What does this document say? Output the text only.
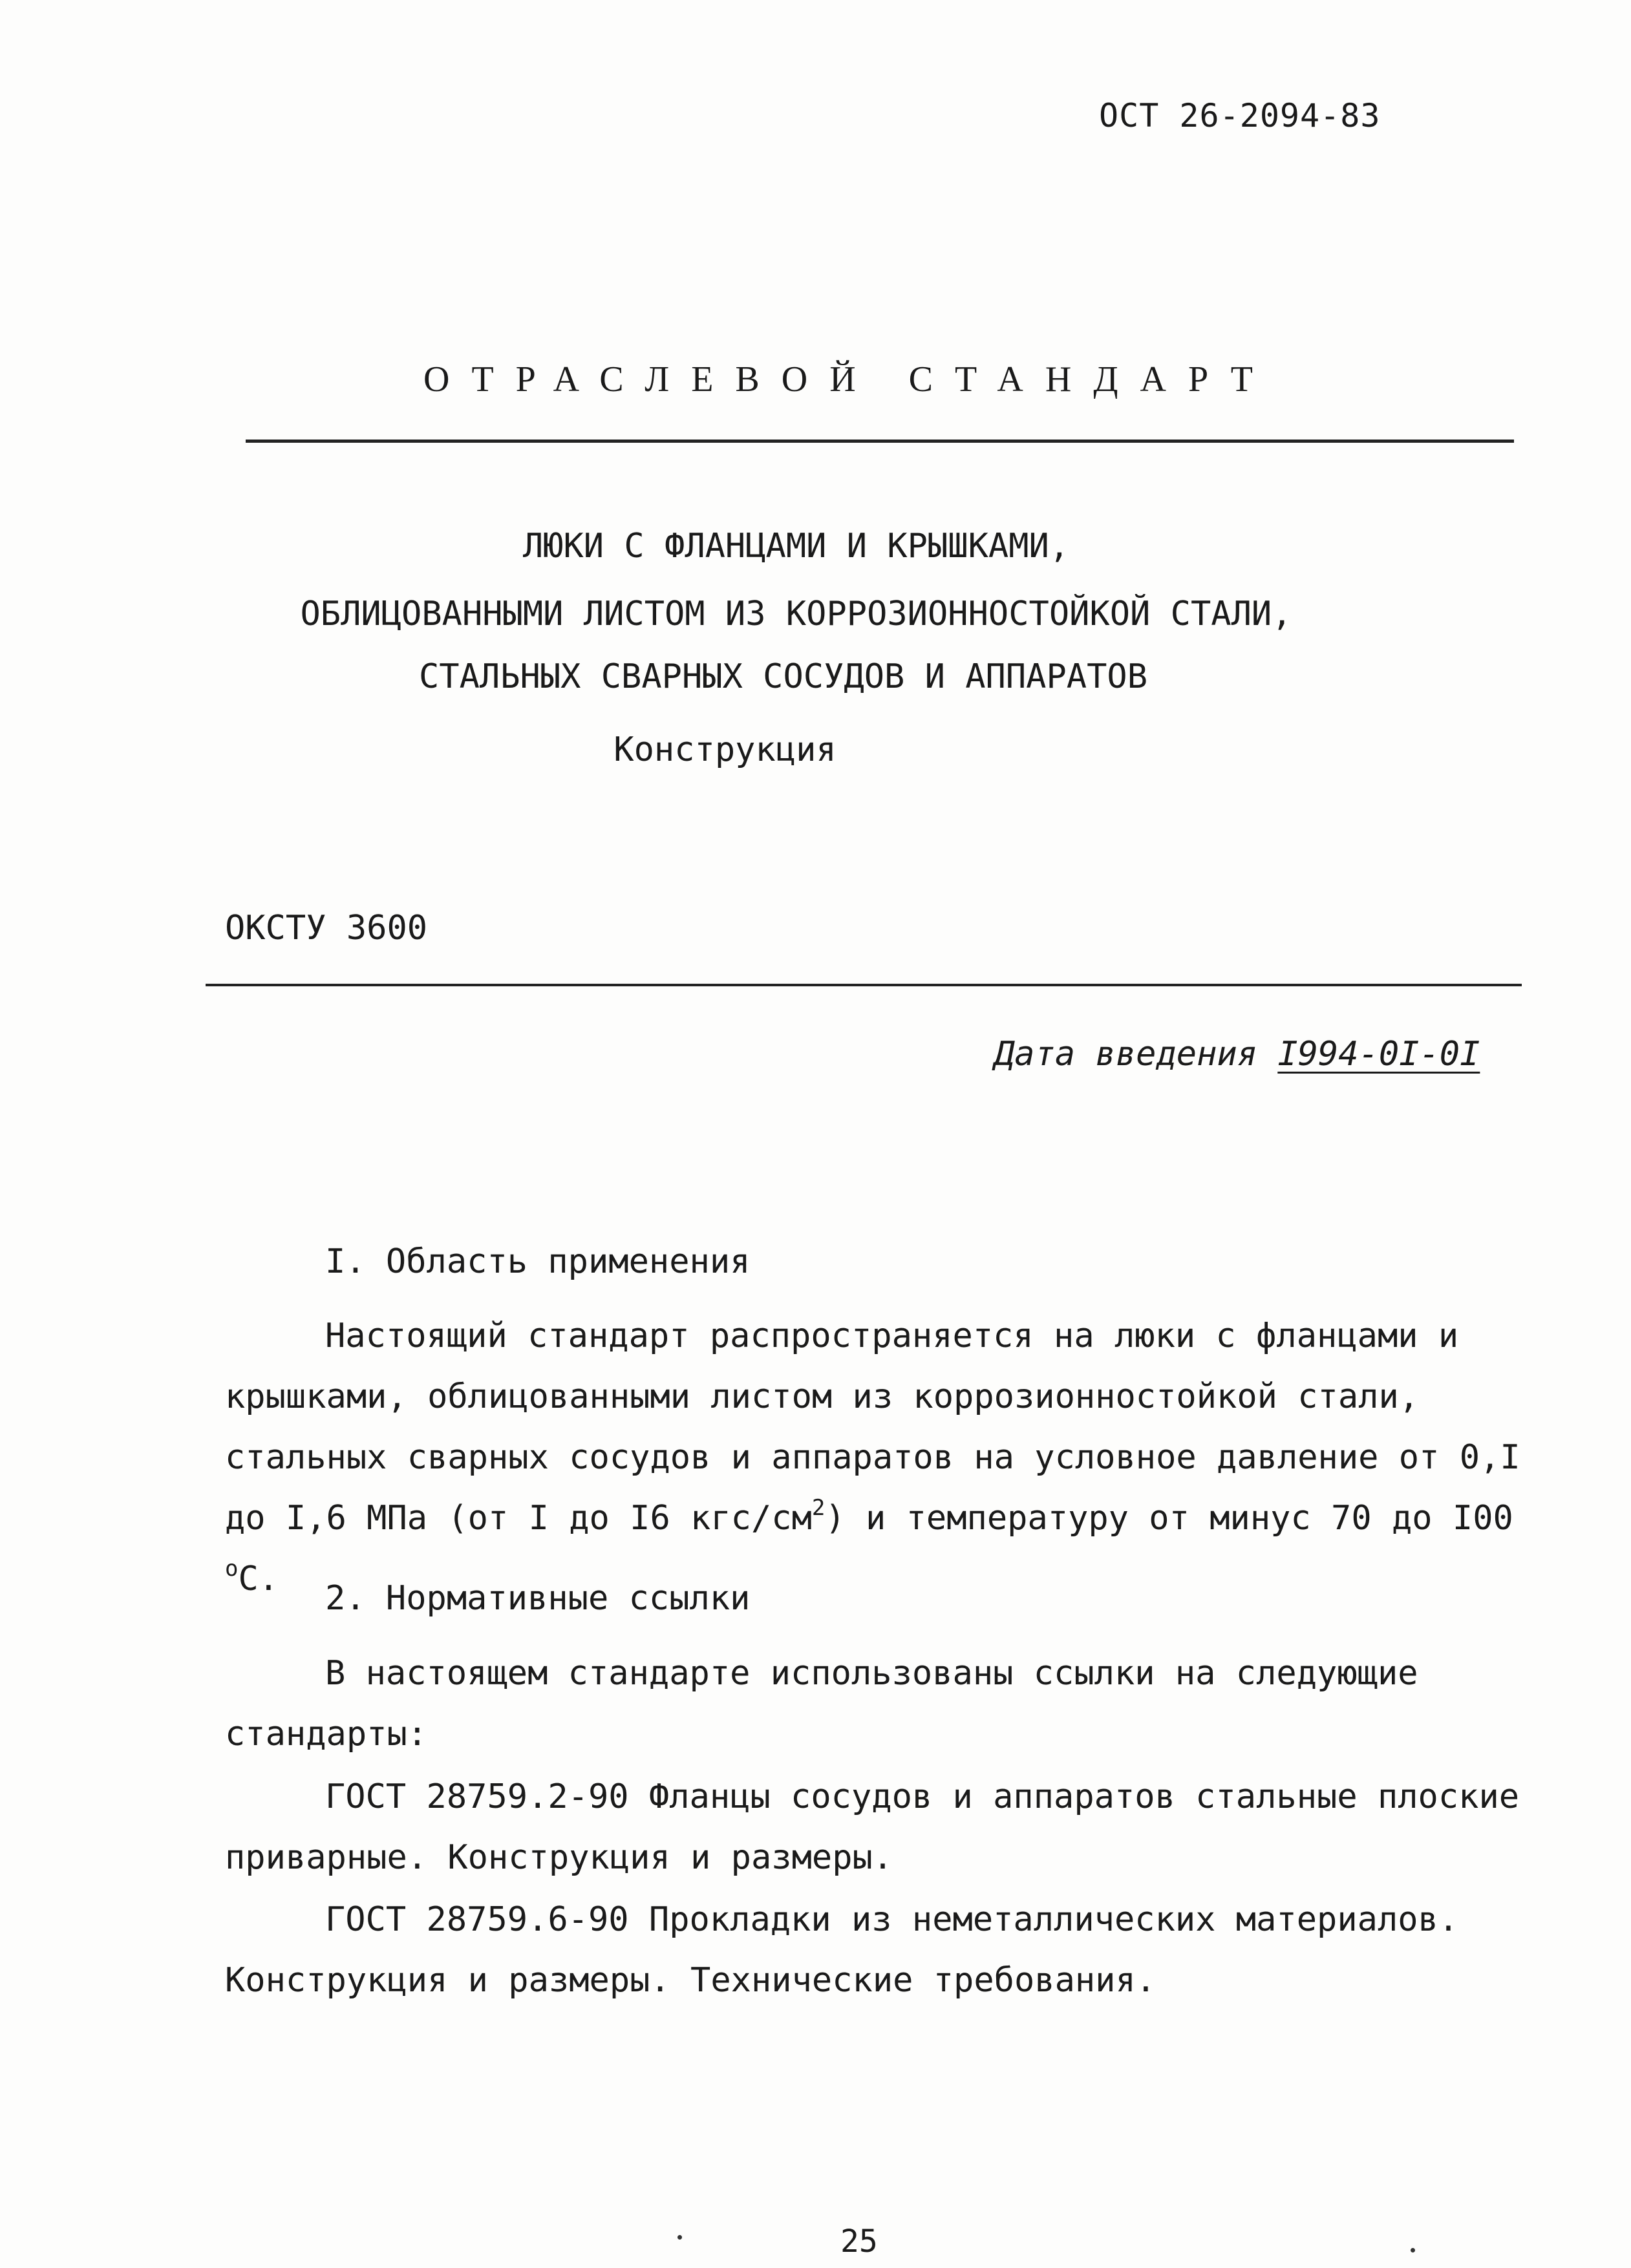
ОСТ 26-2094-83
ОТРАСЛЕВОЙ СТАНДАРТ
ЛЮКИ С ФЛАНЦАМИ И КРЫШКАМИ,
ОБЛИЦОВАННЫМИ ЛИСТОМ ИЗ КОРРОЗИОННОСТОЙКОЙ СТАЛИ,
СТАЛЬНЫХ СВАРНЫХ СОСУДОВ И АППАРАТОВ
Конструкция
ОКСТУ 3600
Дата введения I994-0I-0I
I. Область применения
Настоящий стандарт распространяется на люки с фланцами и крышками, облицованными листом из коррозионностойкой стали, стальных сварных сосудов и аппаратов на условное давление от 0,I до I,6 МПа (от I до I6 кгс/$см^2$) и температуру от минус 70 до I00 $^о$С.	2. Нормативные ссылки
В настоящем стандарте использованы ссылки на следующие стандарты:
ГОСТ 28759.2-90 Фланцы сосудов и аппаратов стальные плоские приварные. Конструкция и размеры.
ГОСТ 28759.6-90 Прокладки из неметаллических материалов. Конструкция и размеры. Технические требования.
25
